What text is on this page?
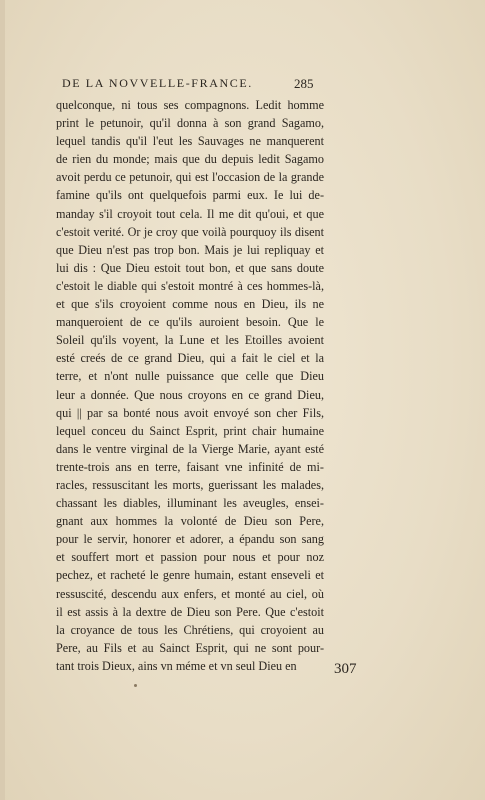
DE LA NOVVELLE-FRANCE.	285
quelconque, ni tous ses compagnons. Ledit homme
print le petunoir, qu'il donna à son grand Sagamo,
lequel tandis qu'il l'eut les Sauvages ne manquerent
de rien du monde; mais que du depuis ledit Sagamo
avoit perdu ce petunoir, qui est l'occasion de la grande
famine qu'ils ont quelquefois parmi eux. Ie lui de-
manday s'il croyoit tout cela. Il me dit qu'oui, et que
c'estoit verité. Or je croy que voilà pourquoy ils disent
que Dieu n'est pas trop bon. Mais je lui repliquay et
lui dis : Que Dieu estoit tout bon, et que sans doute
c'estoit le diable qui s'estoit montré à ces hommes-là,
et que s'ils croyoient comme nous en Dieu, ils ne
manqueroient de ce qu'ils auroient besoin. Que le
Soleil qu'ils voyent, la Lune et les Etoilles avoient
esté creés de ce grand Dieu, qui a fait le ciel et la
terre, et n'ont nulle puissance que celle que Dieu
leur a donnée. Que nous croyons en ce grand Dieu,
qui || par sa bonté nous avoit envoyé son cher Fils,
lequel conceu du Sainct Esprit, print chair humaine
dans le ventre virginal de la Vierge Marie, ayant esté
trente-trois ans en terre, faisant vne infinité de mi-
racles, ressuscitant les morts, guerissant les malades,
chassant les diables, illuminant les aveugles, ensei-
gnant aux hommes la volonté de Dieu son Pere,
pour le servir, honorer et adorer, a épandu son sang
et souffert mort et passion pour nous et pour noz
pechez, et racheté le genre humain, estant enseveli et
ressuscité, descendu aux enfers, et monté au ciel, où
il est assis à la dextre de Dieu son Pere. Que c'estoit
la croyance de tous les Chrétiens, qui croyoient au
Pere, au Fils et au Sainct Esprit, qui ne sont pour-
tant trois Dieux, ains vn méme et vn seul Dieu en	307
